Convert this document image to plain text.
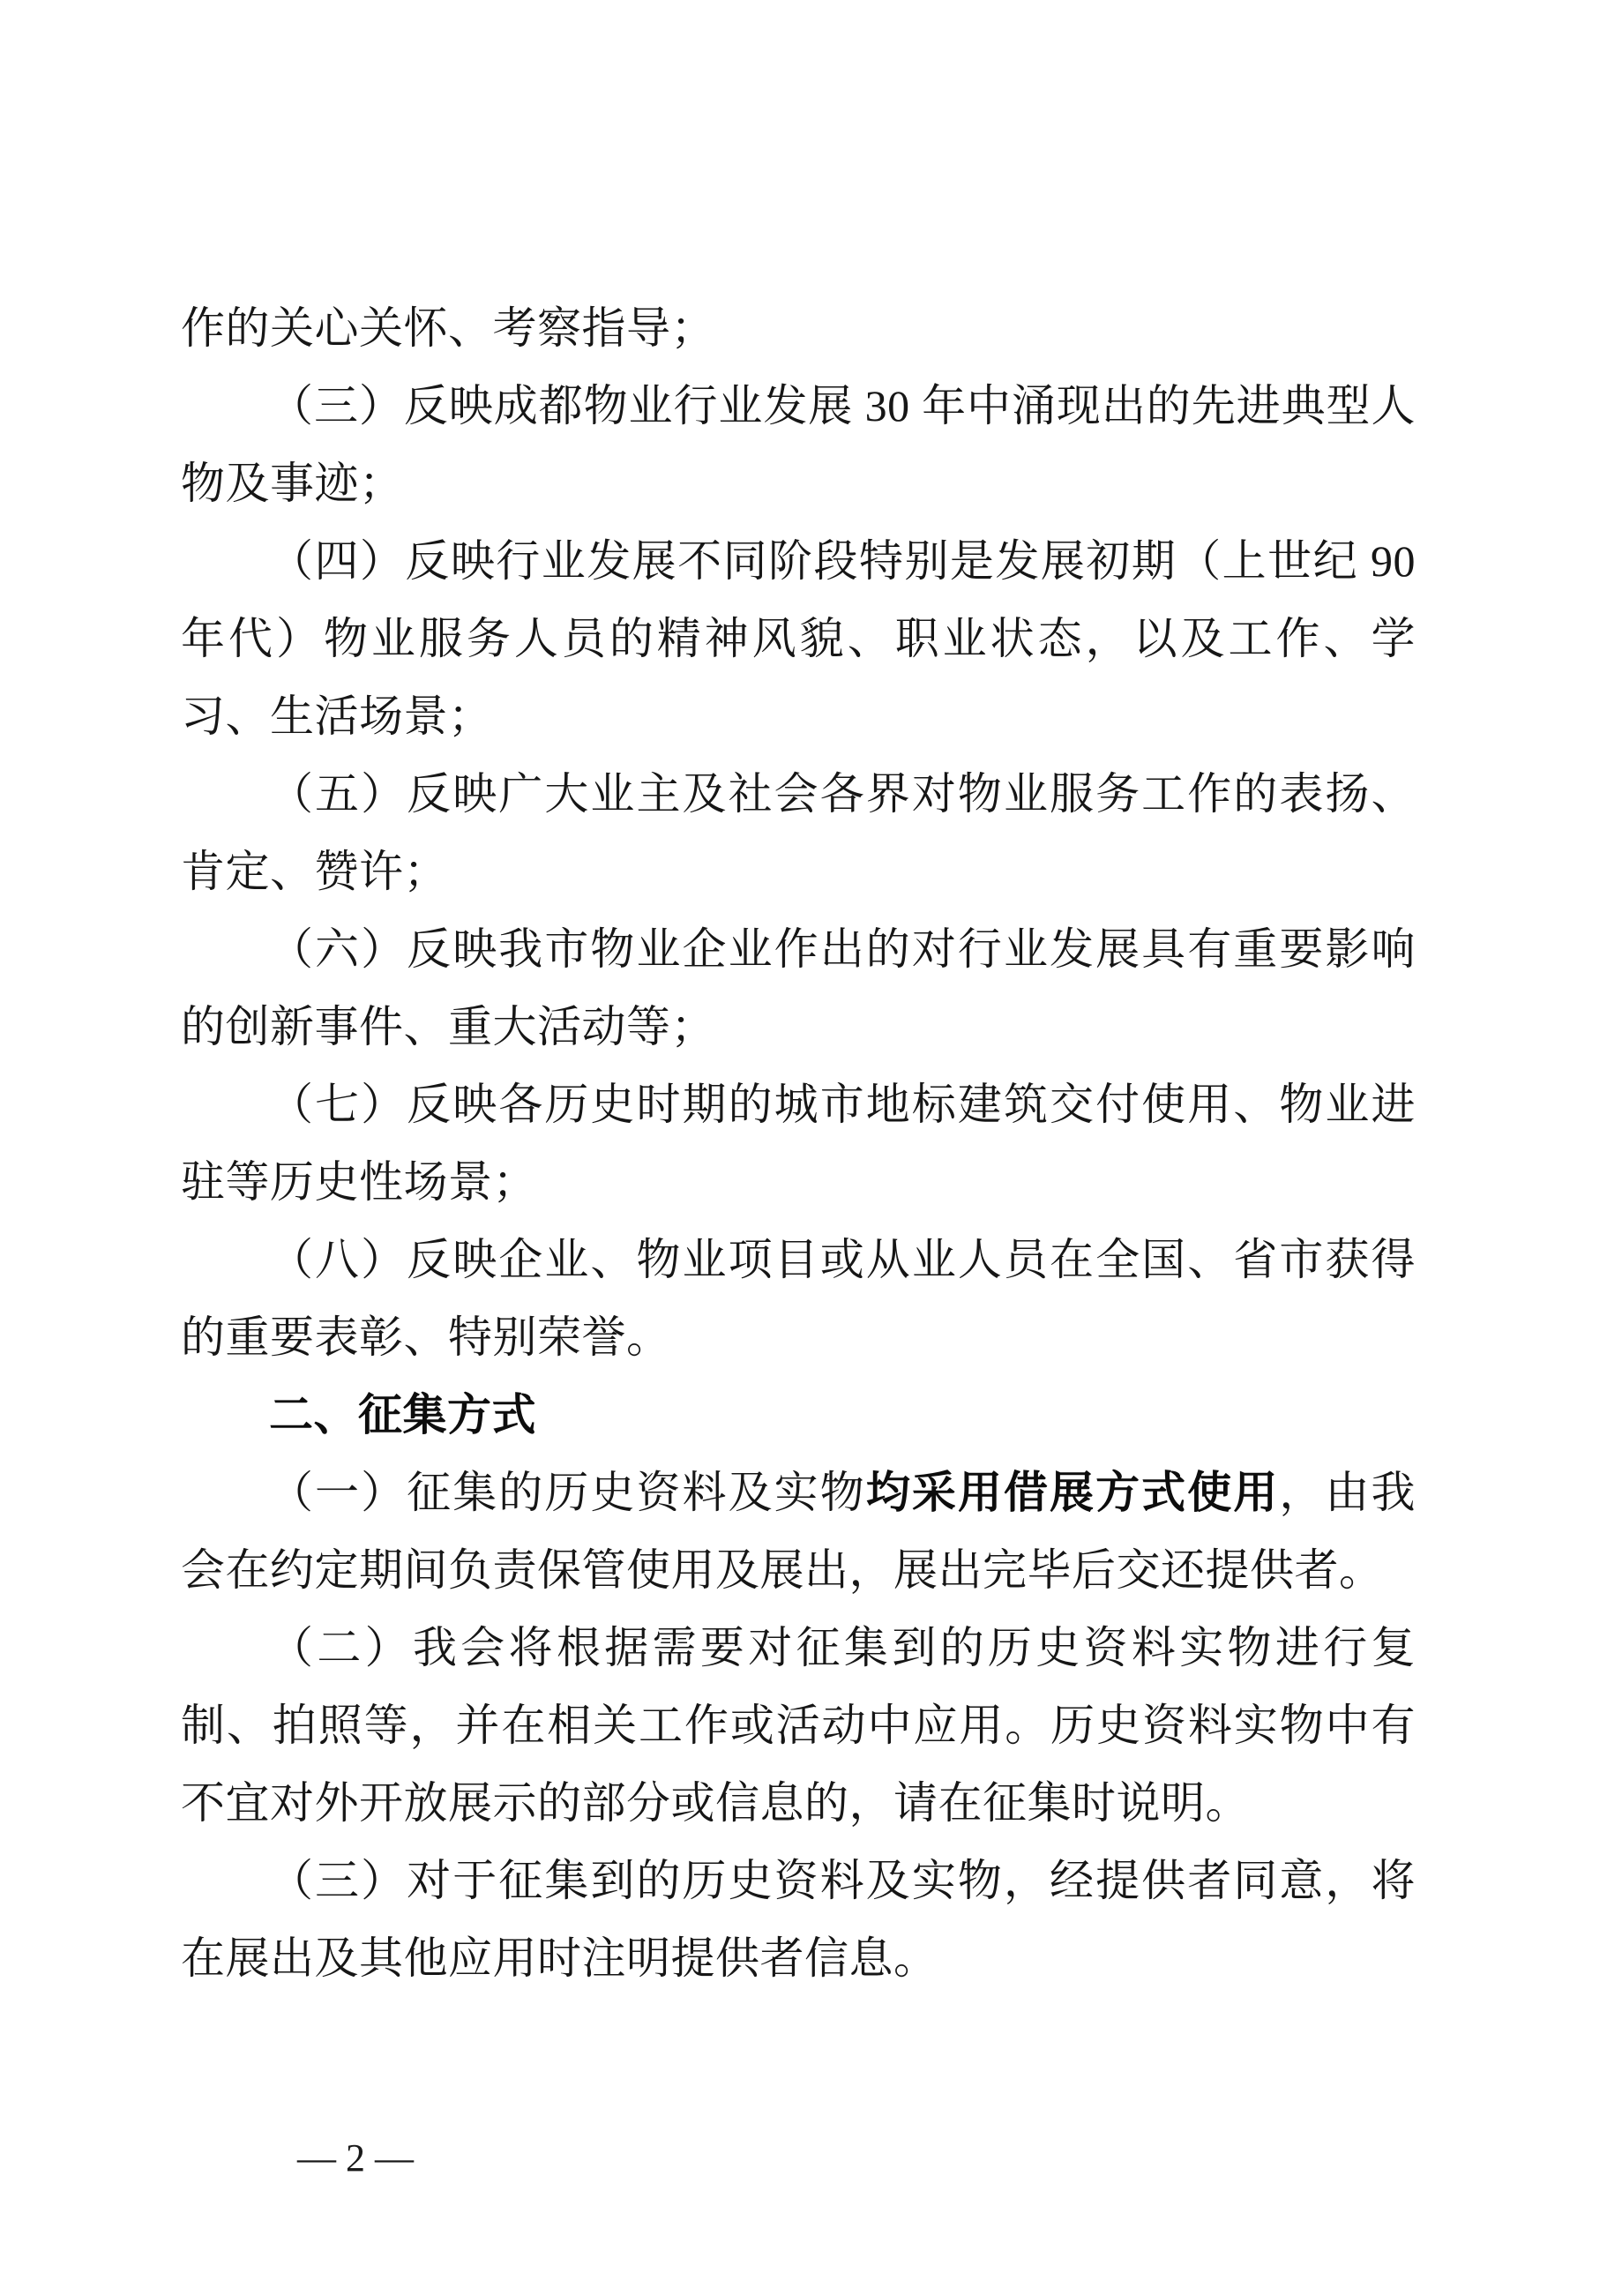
作的关心关怀、考察指导；

（三）反映成都物业行业发展 30 年中涌现出的先进典型人物及事迹；

（四）反映行业发展不同阶段特别是发展初期（上世纪 90 年代）物业服务人员的精神风貌、职业状态，以及工作、学习、生活场景；

（五）反映广大业主及社会各界对物业服务工作的表扬、肯定、赞许；

（六）反映我市物业企业作出的对行业发展具有重要影响的创新事件、重大活动等；

（七）反映各历史时期的城市地标建筑交付使用、物业进驻等历史性场景；

（八）反映企业、物业项目或从业人员在全国、省市获得的重要表彰、特别荣誉。

二、征集方式

（一）征集的历史资料及实物均采用借展方式使用，由我会在约定期间负责保管使用及展出，展出完毕后交还提供者。

（二）我会将根据需要对征集到的历史资料实物进行复制、拍照等，并在相关工作或活动中应用。历史资料实物中有不宜对外开放展示的部分或信息的，请在征集时说明。

（三）对于征集到的历史资料及实物，经提供者同意，将在展出及其他应用时注明提供者信息。

— 2 —
